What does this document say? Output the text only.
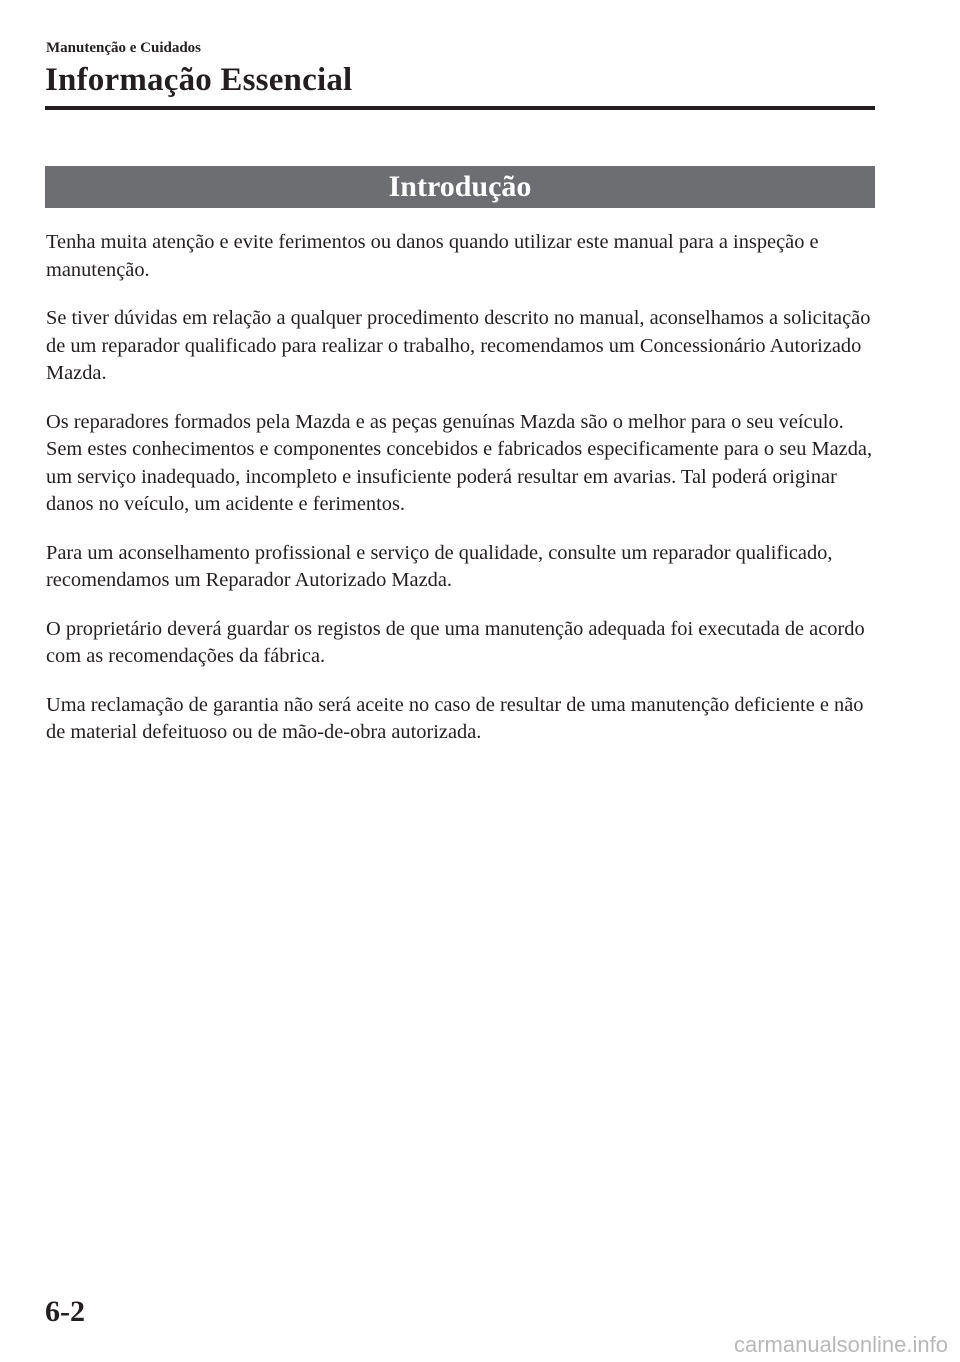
Manutenção e Cuidados
Informação Essencial
Introdução

Tenha muita atenção e evite ferimentos ou danos quando utilizar este manual para a inspeção e manutenção.

Se tiver dúvidas em relação a qualquer procedimento descrito no manual, aconselhamos a solicitação de um reparador qualificado para realizar o trabalho, recomendamos um Concessionário Autorizado Mazda.

Os reparadores formados pela Mazda e as peças genuínas Mazda são o melhor para o seu veículo. Sem estes conhecimentos e componentes concebidos e fabricados especificamente para o seu Mazda, um serviço inadequado, incompleto e insuficiente poderá resultar em avarias. Tal poderá originar danos no veículo, um acidente e ferimentos.

Para um aconselhamento profissional e serviço de qualidade, consulte um reparador qualificado, recomendamos um Reparador Autorizado Mazda.

O proprietário deverá guardar os registos de que uma manutenção adequada foi executada de acordo com as recomendações da fábrica.

Uma reclamação de garantia não será aceite no caso de resultar de uma manutenção deficiente e não de material defeituoso ou de mão-de-obra autorizada.

6-2
carmanualsonline.info
